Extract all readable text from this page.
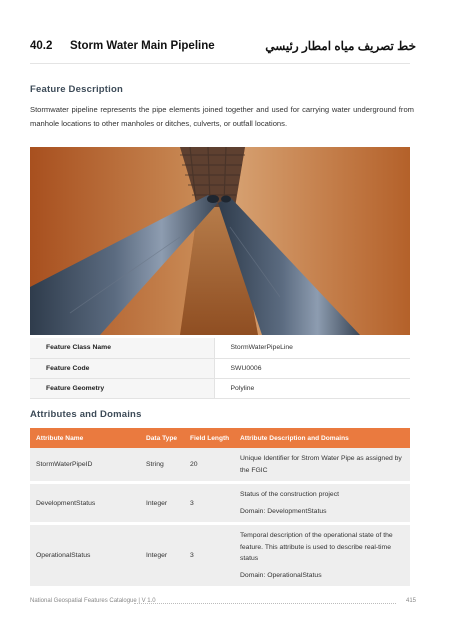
40.2 Storm Water Main Pipeline	خط تصريف مياه امطار رئيسي
Feature Description
Stormwater pipeline represents the pipe elements joined together and used for carrying water underground from manhole locations to other manholes or ditches, culverts, or outfall locations.
Feature Class Name	StormWaterPipeLine
Feature Code	SWU0006
Feature Geometry	Polyline
Attributes and Domains
Attribute Name	Data Type	Field Length	Attribute Description and Domains
StormWaterPipeID	String	20	Unique Identifier for Strom Water Pipe as assigned by the FGIC

DevelopmentStatus	Integer	3	Status of the construction project

Domain: DevelopmentStatus

OperationalStatus	Integer	3	Temporal description of the operational state of the feature. This attribute is used to describe real-time status

Domain: OperationalStatus

National Geospatial Features Catalogue | V 1.0	415
